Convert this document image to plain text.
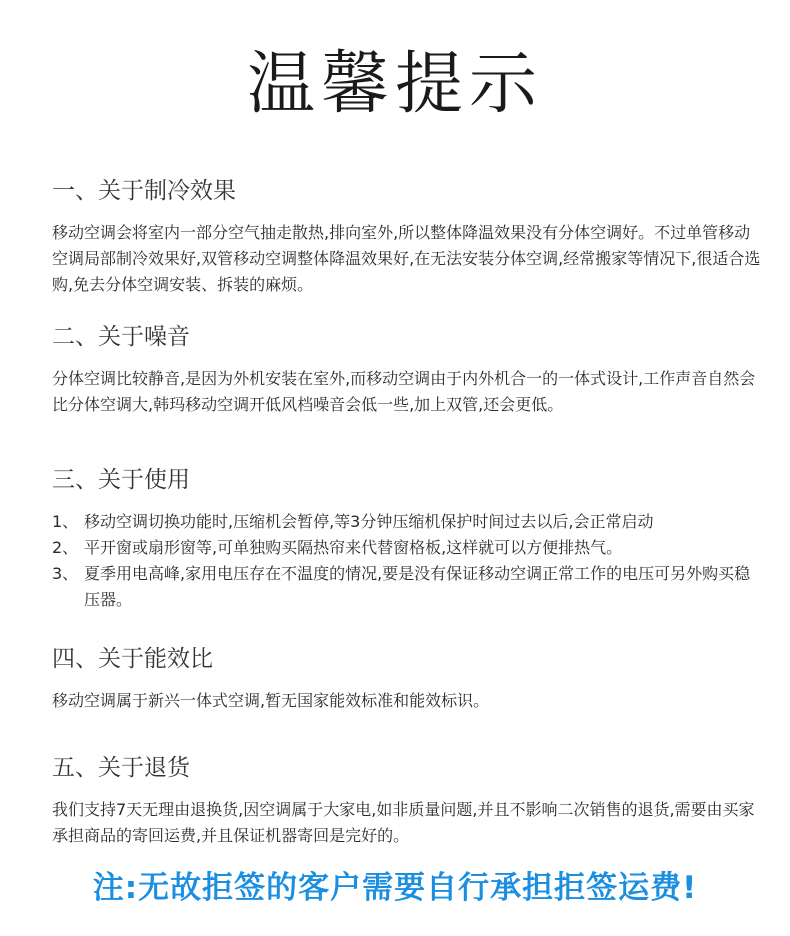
温馨提示
一、关于制冷效果

移动空调会将室内一部分空气抽走散热,排向室外,所以整体降温效果没有分体空调好。不过单管移动空调局部制冷效果好,双管移动空调整体降温效果好,在无法安装分体空调,经常搬家等情况下,很适合选购,免去分体空调安装、拆装的麻烦。

二、关于噪音

分体空调比较静音,是因为外机安装在室外,而移动空调由于内外机合一的一体式设计,工作声音自然会比分体空调大,韩玛移动空调开低风档噪音会低一些,加上双管,还会更低。

三、关于使用
1、 移动空调切换功能时,压缩机会暂停,等3分钟压缩机保护时间过去以后,会正常启动
2、 平开窗或扇形窗等,可单独购买隔热帘来代替窗格板,这样就可以方便排热气。
3、 夏季用电高峰,家用电压存在不温度的情况,要是没有保证移动空调正常工作的电压可另外购买稳压器。
四、关于能效比

移动空调属于新兴一体式空调,暂无国家能效标准和能效标识。

五、关于退货

我们支持7天无理由退换货,因空调属于大家电,如非质量问题,并且不影响二次销售的退货,需要由买家承担商品的寄回运费,并且保证机器寄回是完好的。

注:无故拒签的客户需要自行承担拒签运费!
